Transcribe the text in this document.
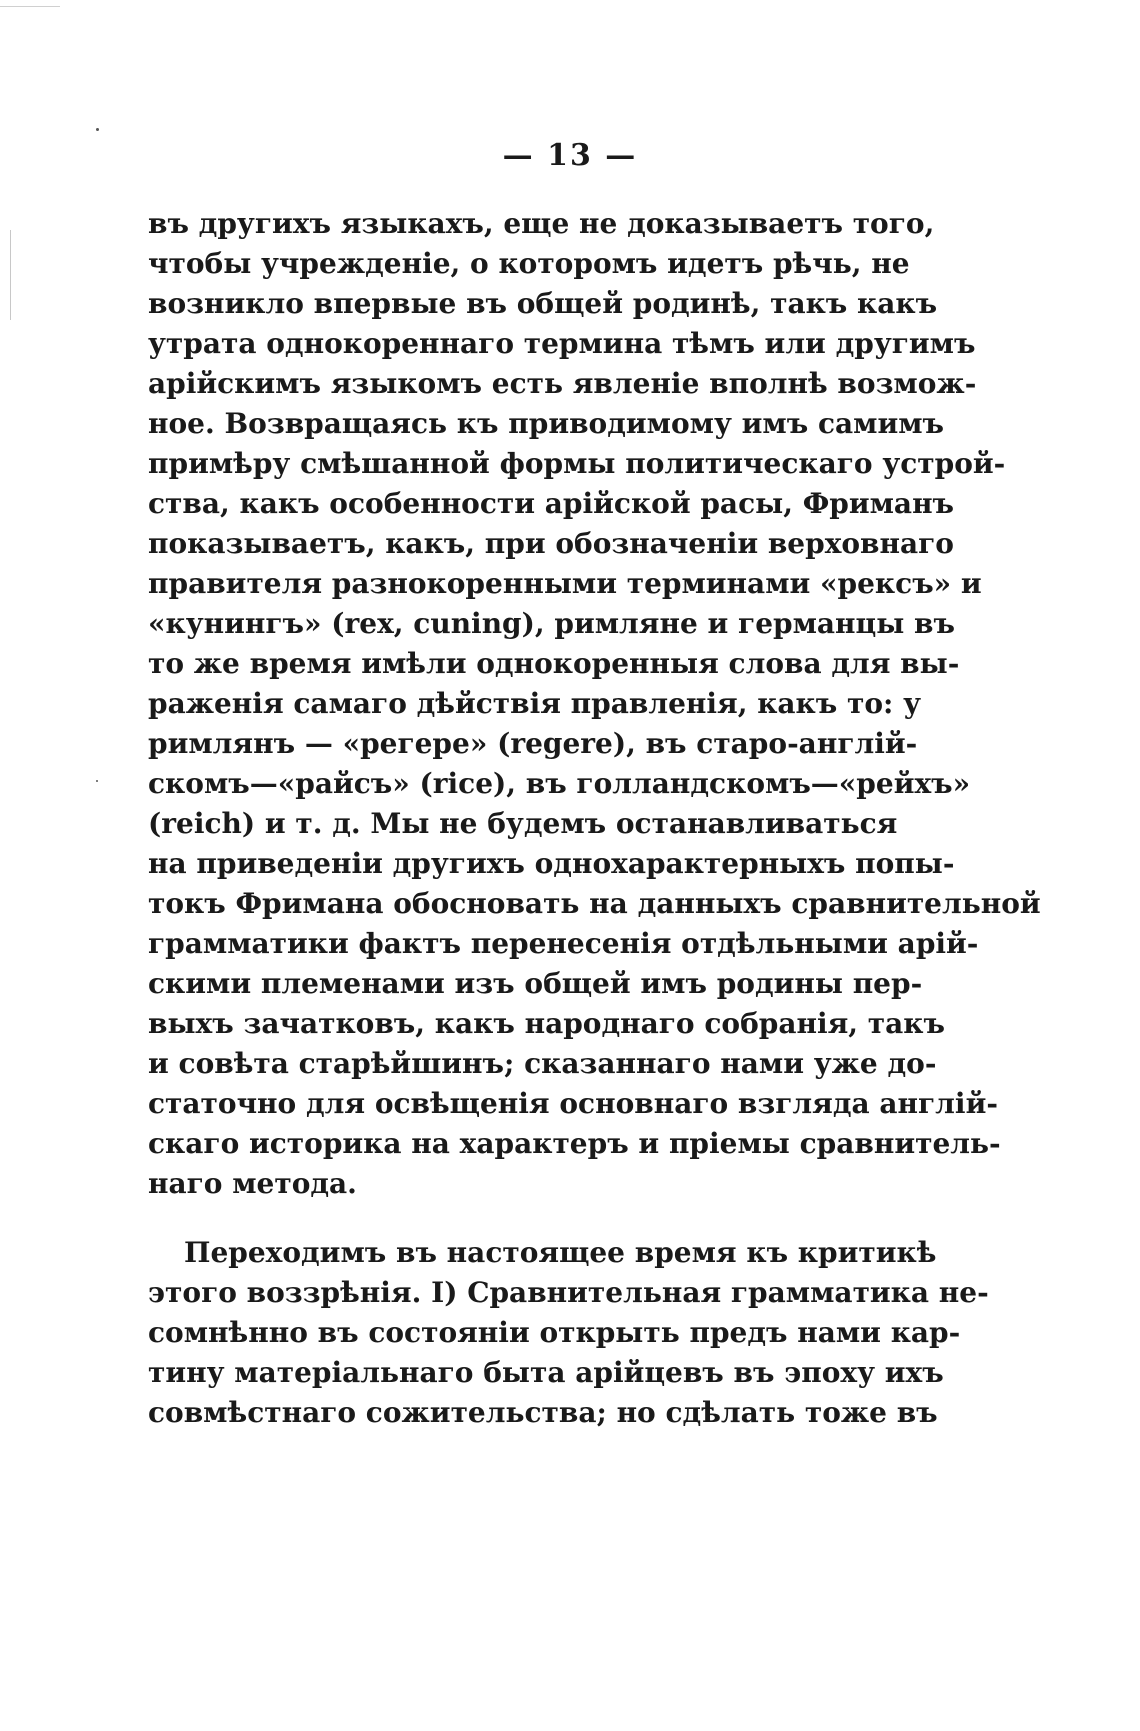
— 13 —
въ другихъ языкахъ, еще не доказываетъ того,
чтобы учрежденіе, о которомъ идетъ рѣчь, не
возникло впервые въ общей родинѣ, такъ какъ
утрата однокореннаго термина тѣмъ или другимъ
арійскимъ языкомъ есть явленіе вполнѣ возмож-
ное. Возвращаясь къ приводимому имъ самимъ
примѣру смѣшанной формы политическаго устрой-
ства, какъ особенности арійской расы, Фриманъ
показываетъ, какъ, при обозначеніи верховнаго
правителя разнокоренными терминами «рексъ» и
«кунингъ» (rex, cuning), римляне и германцы въ
то же время имѣли однокоренныя слова для вы-
раженія самаго дѣйствія правленія, какъ то: у
римлянъ — «регере» (regere), въ старо-англій-
скомъ—«райсъ» (rice), въ голландскомъ—«рейхъ»
(reich) и т. д. Мы не будемъ останавливаться
на приведеніи другихъ однохарактерныхъ попы-
токъ Фримана обосновать на данныхъ сравнительной
грамматики фактъ перенесенія отдѣльными арій-
скими племенами изъ общей имъ родины пер-
выхъ зачатковъ, какъ народнаго собранія, такъ
и совѣта старѣйшинъ; сказаннаго нами уже до-
статочно для освѣщенія основнаго взгляда англій-
скаго историка на характеръ и пріемы сравнитель-
наго метода.
Переходимъ въ настоящее время къ критикѣ
этого воззрѣнія. I) Сравнительная грамматика не-
сомнѣнно въ состояніи открыть предъ нами кар-
тину матеріальнаго быта арійцевъ въ эпоху ихъ
совмѣстнаго сожительства; но сдѣлать тоже въ
